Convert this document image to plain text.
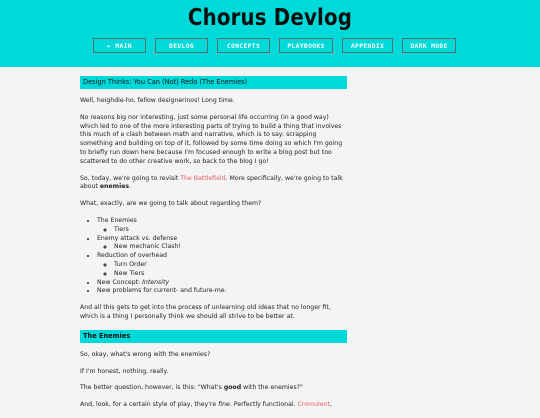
Chorus Devlog
← MAIN	DEVLOG	CONCEPTS	PLAYBOOKS	APPENDIX	DARK MODE
Design Thinks: You Can (Not) Redo (The Enemies)

Well, heighdie-ho, fellow designerinos! Long time.

No reasons big nor interesting, just some personal life occurring (in a good way) which led to one of the more interesting parts of trying to build a thing that involves this much of a clash between math and narrative, which is to say: scrapping something and building on top of it, followed by some time doing so which I'm going to briefly run down here because I'm focused enough to write a blog post but too scattered to do other creative work, so back to the blog I go!

So, today, we're going to revisit The Battlefield. More specifically, we're going to talk about enemies.

What, exactly, are we going to talk about regarding them?

• The Enemies
◦ Tiers
• Enemy attack vs. defense
◦ New mechanic Clash!
• Reduction of overhead
◦ Turn Order
◦ New Tiers
• New Concept: Intensity
• New problems for current- and future-me.

And all this gets to get into the process of unlearning old ideas that no longer fit, which is a thing I personally think we should all strive to be better at.

The Enemies

So, okay, what's wrong with the enemies?

If I'm honest, nothing, really.

The better question, however, is this: "What's good with the enemies?"

And, look, for a certain style of play, they're fine. Perfectly functional. Cromulent,
